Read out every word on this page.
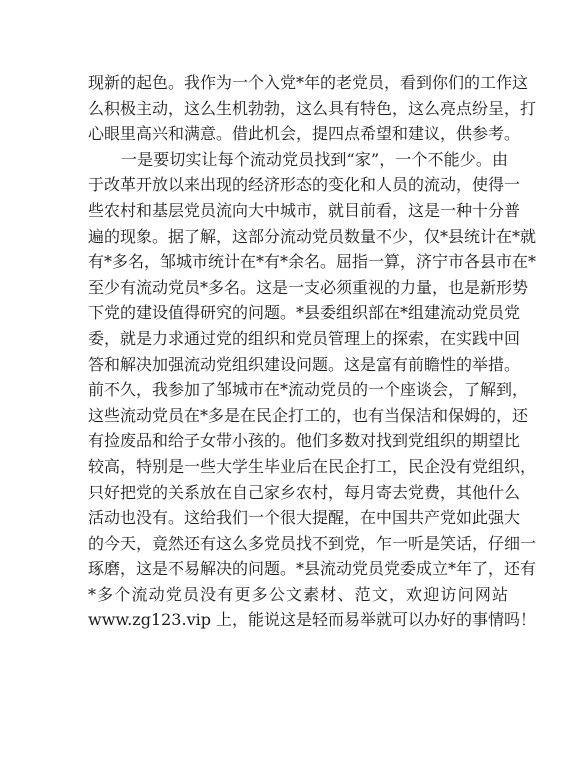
现新的起色。我作为一个入党*年的老党员，看到你们的工作这
么积极主动，这么生机勃勃，这么具有特色，这么亮点纷呈，打
心眼里高兴和满意。借此机会，提四点希望和建议，供参考。
一是要切实让每个流动党员找到“家”，一个不能少。由
于改革开放以来出现的经济形态的变化和人员的流动，使得一
些农村和基层党员流向大中城市，就目前看，这是一种十分普
遍的现象。据了解，这部分流动党员数量不少，仅*县统计在*就
有*多名，邹城市统计在*有*余名。屈指一算，济宁市各县市在*
至少有流动党员*多名。这是一支必须重视的力量，也是新形势
下党的建设值得研究的问题。*县委组织部在*组建流动党员党
委，就是力求通过党的组织和党员管理上的探索，在实践中回
答和解决加强流动党组织建设问题。这是富有前瞻性的举措。
前不久，我参加了邹城市在*流动党员的一个座谈会，了解到，
这些流动党员在*多是在民企打工的，也有当保洁和保姆的，还
有捡废品和给子女带小孩的。他们多数对找到党组织的期望比
较高，特别是一些大学生毕业后在民企打工，民企没有党组织，
只好把党的关系放在自己家乡农村，每月寄去党费，其他什么
活动也没有。这给我们一个很大提醒，在中国共产党如此强大
的今天，竟然还有这么多党员找不到党，乍一听是笑话，仔细一
琢磨，这是不易解决的问题。*县流动党员党委成立*年了，还有
*多个流动党员没有更多公文素材、范文，欢迎访问网站
www.zg123.vip 上，能说这是轻而易举就可以办好的事情吗！
